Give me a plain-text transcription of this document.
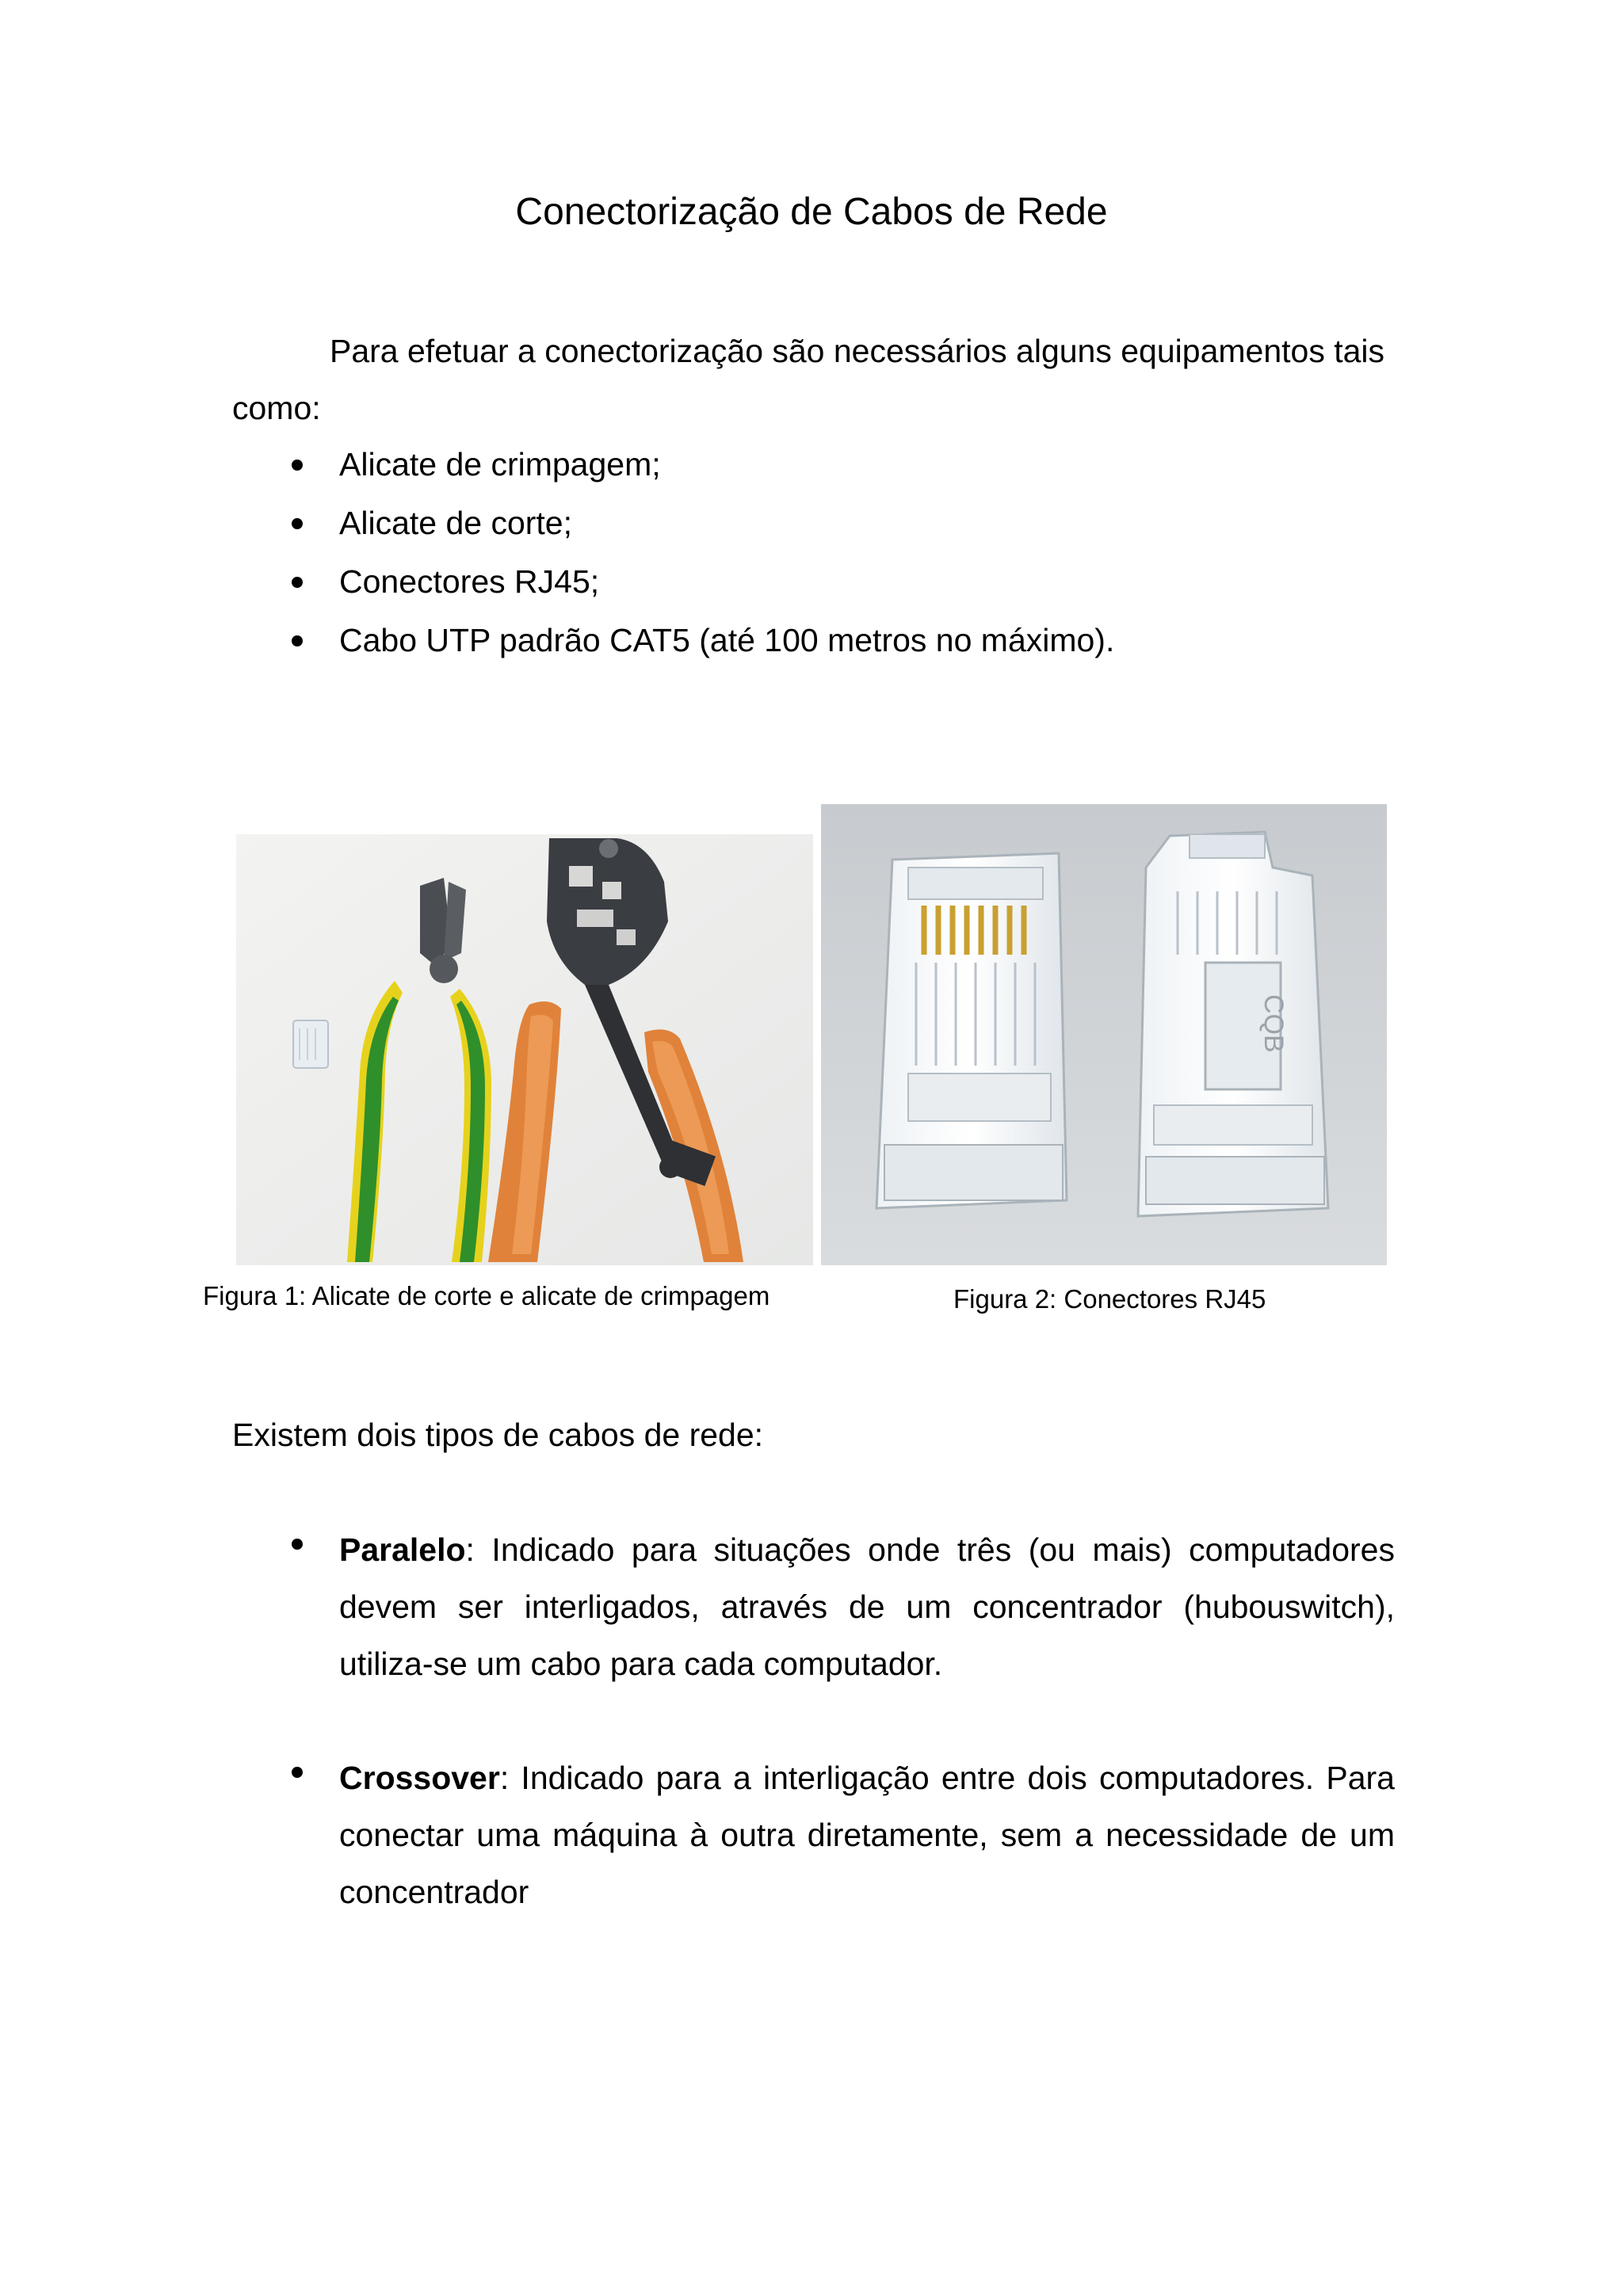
Conectorização de Cabos de Rede
Para efetuar a conectorização são necessários alguns equipamentos tais
como:
Alicate de crimpagem;
Alicate de corte;
Conectores RJ45;
Cabo UTP padrão CAT5 (até 100 metros no máximo).
CQB
Figura 1: Alicate de corte e alicate de crimpagem	Figura 2: Conectores RJ45
Existem dois tipos de cabos de rede:
Paralelo: Indicado para situações onde três (ou mais) computadores devem ser interligados, através de um concentrador (hubouswitch), utiliza-se um cabo para cada computador.
Crossover: Indicado para a interligação entre dois computadores. Para conectar uma máquina à outra diretamente, sem a necessidade de um concentrador
